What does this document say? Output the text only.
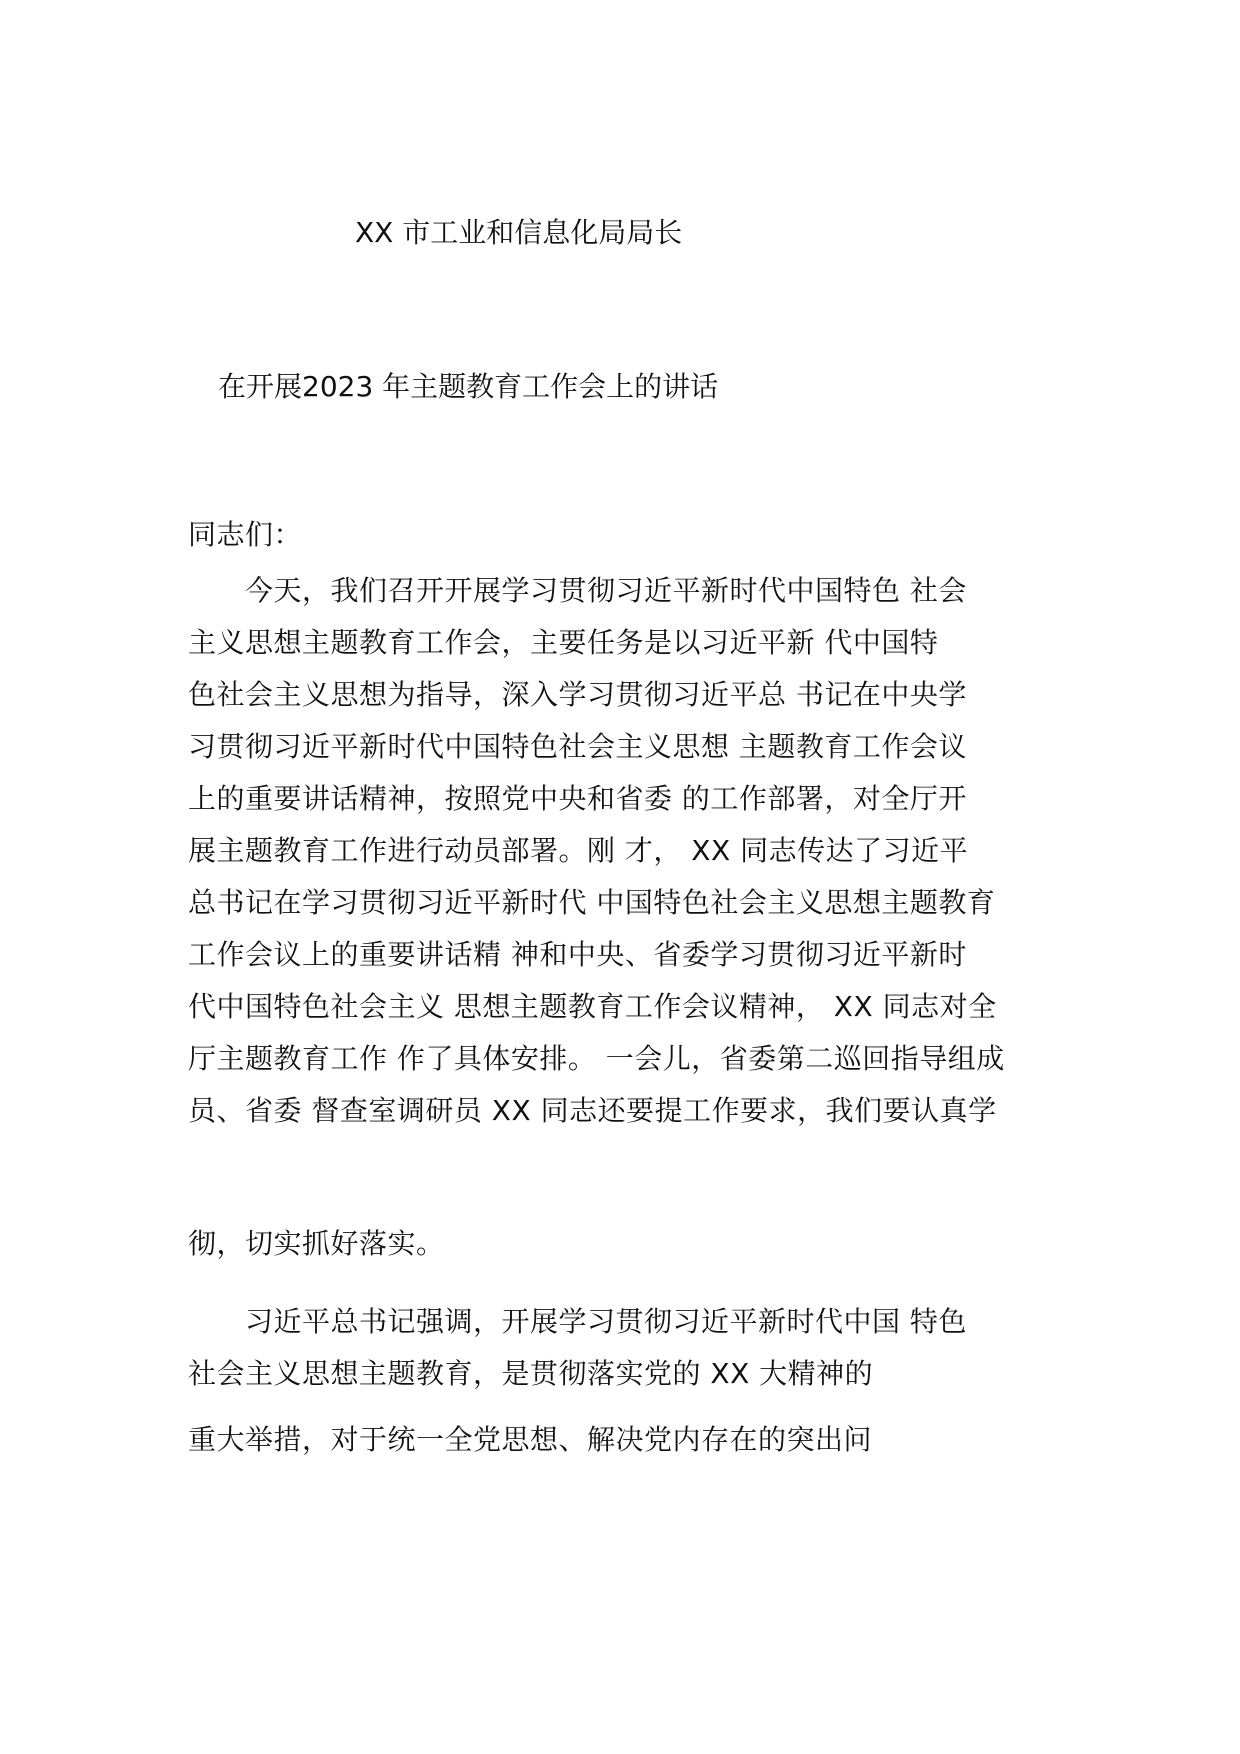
XX 市工业和信息化局局长
在开展2023 年主题教育工作会上的讲话
同志们：
　　今天，我们召开开展学习贯彻习近平新时代中国特色 社会
主义思想主题教育工作会，主要任务是以习近平新 代中国特
色社会主义思想为指导，深入学习贯彻习近平总 书记在中央学
习贯彻习近平新时代中国特色社会主义思想 主题教育工作会议
上的重要讲话精神，按照党中央和省委 的工作部署，对全厅开
展主题教育工作进行动员部署。刚 才， XX 同志传达了习近平
总书记在学习贯彻习近平新时代 中国特色社会主义思想主题教育
工作会议上的重要讲话精 神和中央、省委学习贯彻习近平新时
代中国特色社会主义 思想主题教育工作会议精神， XX 同志对全
厅主题教育工作 作了具体安排。 一会儿，省委第二巡回指导组成
员、省委 督查室调研员 XX 同志还要提工作要求，我们要认真学
彻，切实抓好落实。
　　习近平总书记强调，开展学习贯彻习近平新时代中国 特色
社会主义思想主题教育，是贯彻落实党的 XX 大精神的
重大举措，对于统一全党思想、解决党内存在的突出问
